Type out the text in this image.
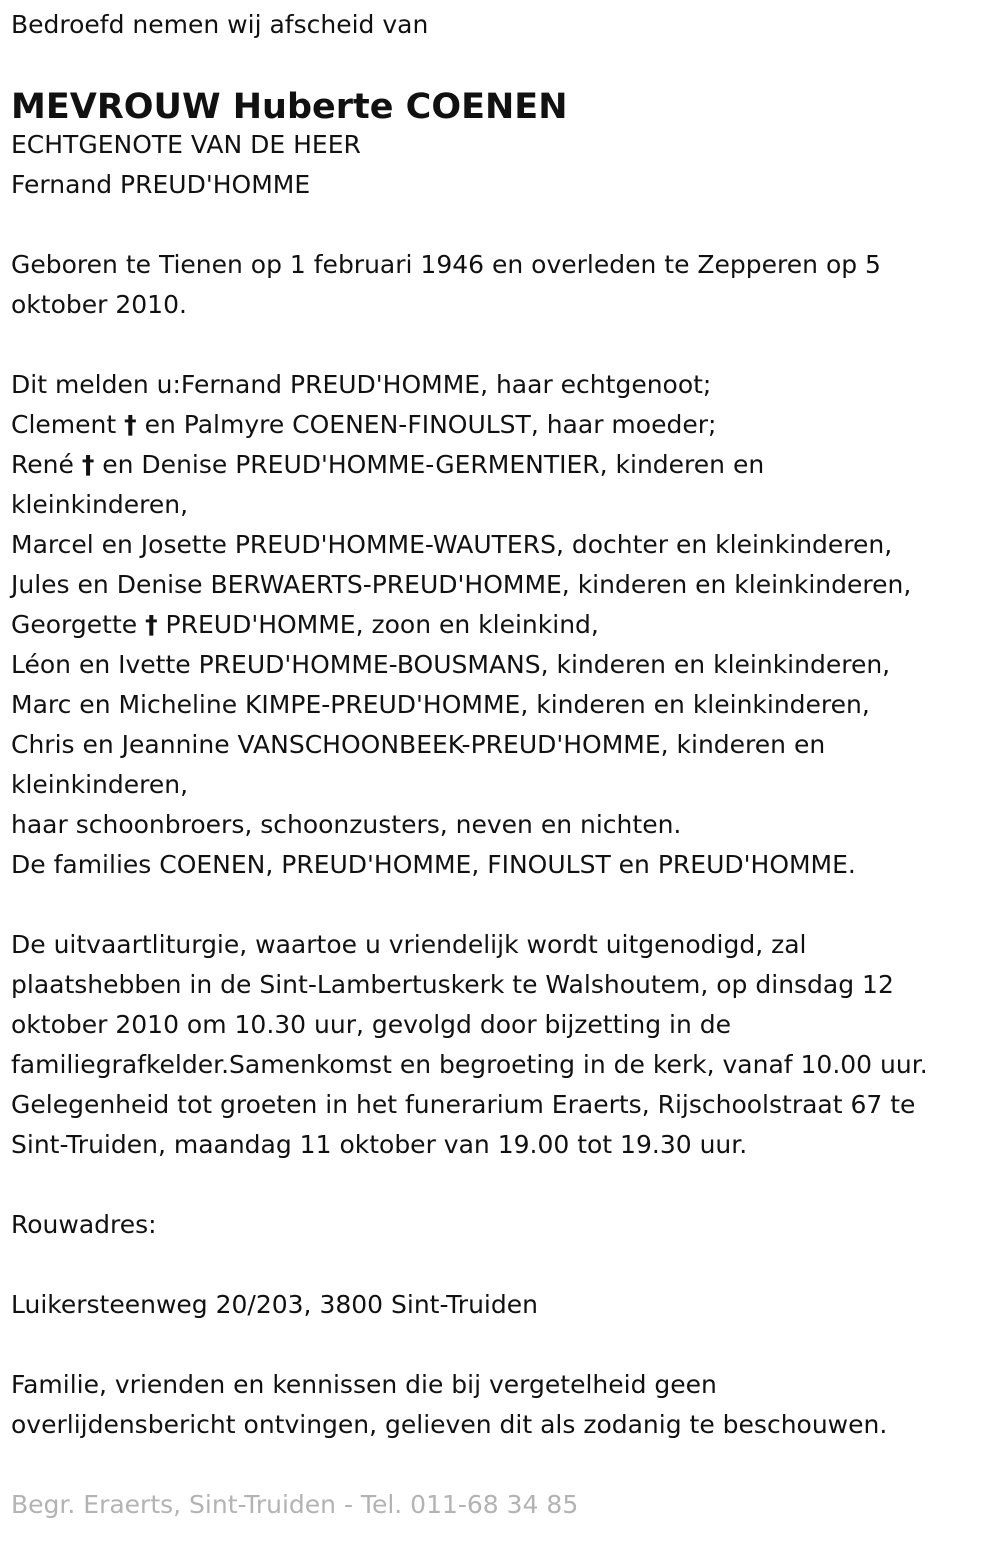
Bedroefd nemen wij afscheid van
MEVROUW Huberte COENEN
ECHTGENOTE VAN DE HEER
Fernand PREUD'HOMME
Geboren te Tienen op 1 februari 1946 en overleden te Zepperen op 5
oktober 2010.
Dit melden u:Fernand PREUD'HOMME, haar echtgenoot;
Clement † en Palmyre COENEN-FINOULST, haar moeder;
René † en Denise PREUD'HOMME-GERMENTIER, kinderen en
kleinkinderen,
Marcel en Josette PREUD'HOMME-WAUTERS, dochter en kleinkinderen,
Jules en Denise BERWAERTS-PREUD'HOMME, kinderen en kleinkinderen,
Georgette † PREUD'HOMME, zoon en kleinkind,
Léon en Ivette PREUD'HOMME-BOUSMANS, kinderen en kleinkinderen,
Marc en Micheline KIMPE-PREUD'HOMME, kinderen en kleinkinderen,
Chris en Jeannine VANSCHOONBEEK-PREUD'HOMME, kinderen en
kleinkinderen,
haar schoonbroers, schoonzusters, neven en nichten.
De families COENEN, PREUD'HOMME, FINOULST en PREUD'HOMME.
De uitvaartliturgie, waartoe u vriendelijk wordt uitgenodigd, zal
plaatshebben in de Sint-Lambertuskerk te Walshoutem, op dinsdag 12
oktober 2010 om 10.30 uur, gevolgd door bijzetting in de
familiegrafkelder.Samenkomst en begroeting in de kerk, vanaf 10.00 uur.
Gelegenheid tot groeten in het funerarium Eraerts, Rijschoolstraat 67 te
Sint-Truiden, maandag 11 oktober van 19.00 tot 19.30 uur.
Rouwadres:
Luikersteenweg 20/203, 3800 Sint-Truiden
Familie, vrienden en kennissen die bij vergetelheid geen
overlijdensbericht ontvingen, gelieven dit als zodanig te beschouwen.
Begr. Eraerts, Sint-Truiden - Tel. 011-68 34 85
